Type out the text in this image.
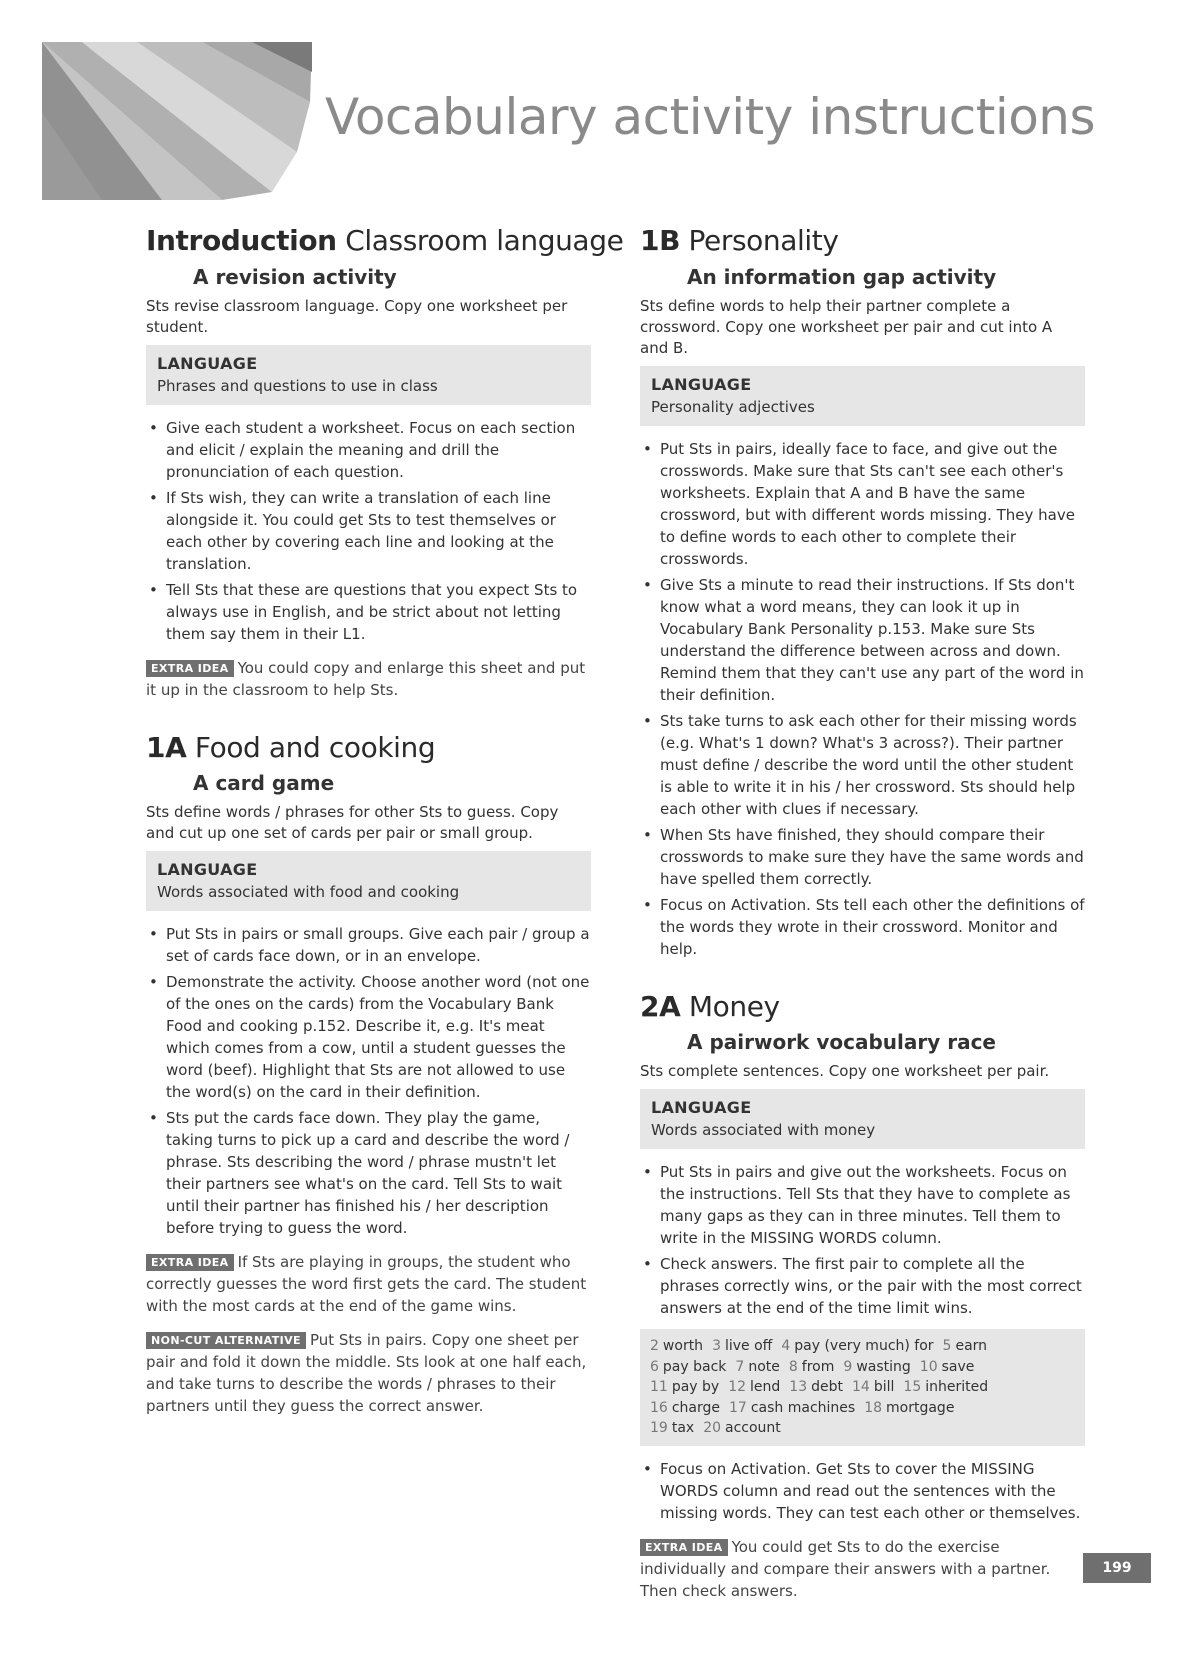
Vocabulary activity instructions
Introduction Classroom language
A revision activity

Sts revise classroom language. Copy one worksheet per student.

LANGUAGE
Phrases and questions to use in class
• Give each student a worksheet. Focus on each section and elicit / explain the meaning and drill the pronunciation of each question.
• If Sts wish, they can write a translation of each line alongside it. You could get Sts to test themselves or each other by covering each line and looking at the translation.
• Tell Sts that these are questions that you expect Sts to always use in English, and be strict about not letting them say them in their L1.

EXTRA IDEA You could copy and enlarge this sheet and put it up in the classroom to help Sts.

1A Food and cooking
A card game

Sts define words / phrases for other Sts to guess. Copy and cut up one set of cards per pair or small group.

LANGUAGE
Words associated with food and cooking
• Put Sts in pairs or small groups. Give each pair / group a set of cards face down, or in an envelope.
• Demonstrate the activity. Choose another word (not one of the ones on the cards) from the Vocabulary Bank Food and cooking p.152. Describe it, e.g. It's meat which comes from a cow, until a student guesses the word (beef). Highlight that Sts are not allowed to use the word(s) on the card in their definition.
• Sts put the cards face down. They play the game, taking turns to pick up a card and describe the word / phrase. Sts describing the word / phrase mustn't let their partners see what's on the card. Tell Sts to wait until their partner has finished his / her description before trying to guess the word.

EXTRA IDEA If Sts are playing in groups, the student who correctly guesses the word first gets the card. The student with the most cards at the end of the game wins.

NON-CUT ALTERNATIVE Put Sts in pairs. Copy one sheet per pair and fold it down the middle. Sts look at one half each, and take turns to describe the words / phrases to their partners until they guess the correct answer.

1B Personality
An information gap activity

Sts define words to help their partner complete a crossword. Copy one worksheet per pair and cut into A and B.

LANGUAGE
Personality adjectives
• Put Sts in pairs, ideally face to face, and give out the crosswords. Make sure that Sts can't see each other's worksheets. Explain that A and B have the same crossword, but with different words missing. They have to define words to each other to complete their crosswords.
• Give Sts a minute to read their instructions. If Sts don't know what a word means, they can look it up in Vocabulary Bank Personality p.153. Make sure Sts understand the difference between across and down. Remind them that they can't use any part of the word in their definition.
• Sts take turns to ask each other for their missing words (e.g. What's 1 down? What's 3 across?). Their partner must define / describe the word until the other student is able to write it in his / her crossword. Sts should help each other with clues if necessary.
• When Sts have finished, they should compare their crosswords to make sure they have the same words and have spelled them correctly.
• Focus on Activation. Sts tell each other the definitions of the words they wrote in their crossword. Monitor and help.
2A Money
A pairwork vocabulary race

Sts complete sentences. Copy one worksheet per pair.

LANGUAGE
Words associated with money
• Put Sts in pairs and give out the worksheets. Focus on the instructions. Tell Sts that they have to complete as many gaps as they can in three minutes. Tell them to write in the MISSING WORDS column.
• Check answers. The first pair to complete all the phrases correctly wins, or the pair with the most correct answers at the end of the time limit wins.
2 worth 3 live off 4 pay (very much) for 5 earn
6 pay back 7 note 8 from 9 wasting 10 save
11 pay by 12 lend 13 debt 14 bill 15 inherited
16 charge 17 cash machines 18 mortgage
19 tax 20 account
• Focus on Activation. Get Sts to cover the MISSING WORDS column and read out the sentences with the missing words. They can test each other or themselves.

EXTRA IDEA You could get Sts to do the exercise individually and compare their answers with a partner. Then check answers.

199
